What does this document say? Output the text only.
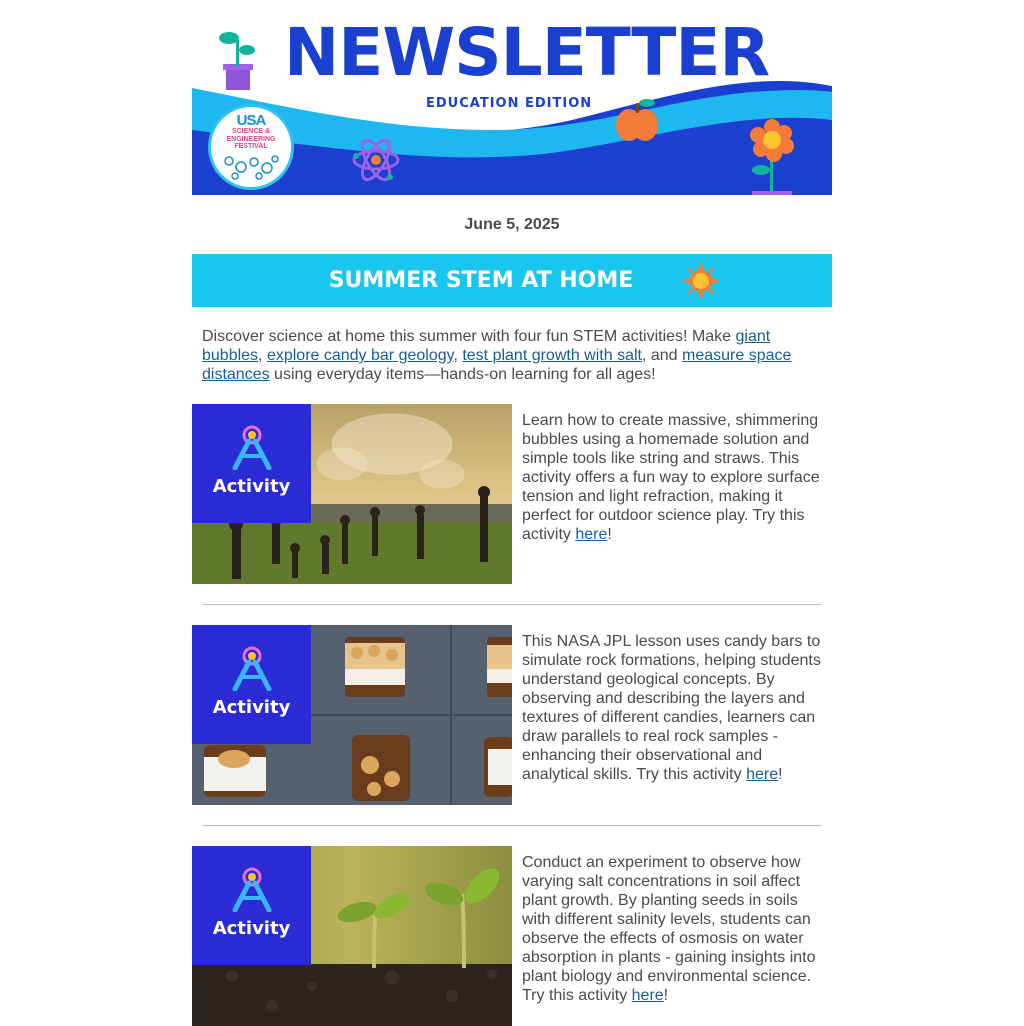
NEWSLETTER
EDUCATION EDITION
USA
SCIENCE & ENGINEERING FESTIVAL
June 5, 2025
SUMMER STEM AT HOME

Discover science at home this summer with four fun STEM activities! Make giant bubbles, explore candy bar geology, test plant growth with salt, and measure space distances using everyday items—hands-on learning for all ages!

Activity
Learn how to create massive, shimmering bubbles using a homemade solution and simple tools like string and straws. This activity offers a fun way to explore surface tension and light refraction, making it perfect for outdoor science play. Try this activity here!
Activity
This NASA JPL lesson uses candy bars to simulate rock formations, helping students understand geological concepts. By observing and describing the layers and textures of different candies, learners can draw parallels to real rock samples - enhancing their observational and analytical skills. Try this activity here!
Activity
Conduct an experiment to observe how varying salt concentrations in soil affect plant growth. By planting seeds in soils with different salinity levels, students can observe the effects of osmosis on water absorption in plants - gaining insights into plant biology and environmental science. Try this activity here!
